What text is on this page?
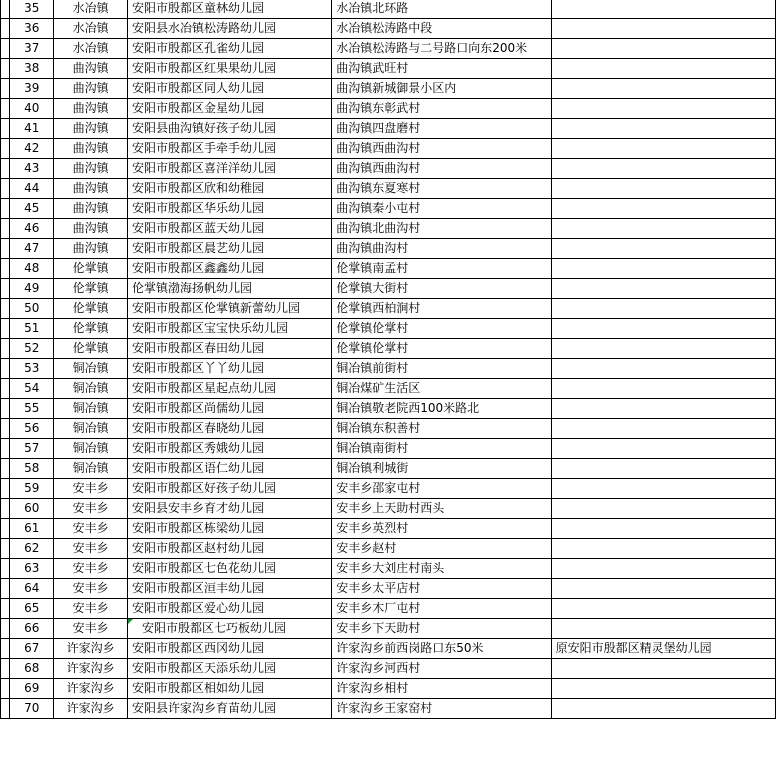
	35	水冶镇	安阳市殷都区童林幼儿园	水冶镇北环路	
	36	水冶镇	安阳县水冶镇松涛路幼儿园	水冶镇松涛路中段	
	37	水冶镇	安阳市殷都区孔雀幼儿园	水冶镇松涛路与二号路口向东200米	
	38	曲沟镇	安阳市殷都区红果果幼儿园	曲沟镇武旺村	
	39	曲沟镇	安阳市殷都区同人幼儿园	曲沟镇新城御景小区内	
	40	曲沟镇	安阳市殷都区金星幼儿园	曲沟镇东彰武村	
	41	曲沟镇	安阳县曲沟镇好孩子幼儿园	曲沟镇四盘磨村	
	42	曲沟镇	安阳市殷都区手牵手幼儿园	曲沟镇西曲沟村	
	43	曲沟镇	安阳市殷都区喜洋洋幼儿园	曲沟镇西曲沟村	
	44	曲沟镇	安阳市殷都区欣和幼稚园	曲沟镇东夏寒村	
	45	曲沟镇	安阳市殷都区华乐幼儿园	曲沟镇秦小屯村	
	46	曲沟镇	安阳市殷都区蓝天幼儿园	曲沟镇北曲沟村	
	47	曲沟镇	安阳市殷都区晨艺幼儿园	曲沟镇曲沟村	
	48	伦掌镇	安阳市殷都区鑫鑫幼儿园	伦掌镇南孟村	
	49	伦掌镇	伦掌镇渤海扬帆幼儿园	伦掌镇大街村	
	50	伦掌镇	安阳市殷都区伦掌镇新蕾幼儿园	伦掌镇西柏涧村	
	51	伦掌镇	安阳市殷都区宝宝快乐幼儿园	伦掌镇伦掌村	
	52	伦掌镇	安阳市殷都区春田幼儿园	伦掌镇伦掌村	
	53	铜冶镇	安阳市殷都区丫丫幼儿园	铜冶镇前街村	
	54	铜冶镇	安阳市殷都区星起点幼儿园	铜冶煤矿生活区	
	55	铜冶镇	安阳市殷都区尚儒幼儿园	铜冶镇敬老院西100米路北	
	56	铜冶镇	安阳市殷都区春晓幼儿园	铜冶镇东积善村	
	57	铜冶镇	安阳市殷都区秀娥幼儿园	铜冶镇南街村	
	58	铜冶镇	安阳市殷都区语仁幼儿园	铜冶镇利城街	
	59	安丰乡	安阳市殷都区好孩子幼儿园	安丰乡邵家屯村	
	60	安丰乡	安阳县安丰乡育才幼儿园	安丰乡上天助村西头	
	61	安丰乡	安阳市殷都区栋梁幼儿园	安丰乡英烈村	
	62	安丰乡	安阳市殷都区赵村幼儿园	安丰乡赵村	
	63	安丰乡	安阳市殷都区七色花幼儿园	安丰乡大刘庄村南头	
	64	安丰乡	安阳市殷都区洹丰幼儿园	安丰乡太平店村	
	65	安丰乡	安阳市殷都区爱心幼儿园	安丰乡木厂屯村	
	66	安丰乡	安阳市殷都区七巧板幼儿园	安丰乡下天助村	
	67	许家沟乡	安阳市殷都区西冈幼儿园	许家沟乡前西岗路口东50米	原安阳市殷都区精灵堡幼儿园
	68	许家沟乡	安阳市殷都区天添乐幼儿园	许家沟乡河西村	
	69	许家沟乡	安阳市殷都区相如幼儿园	许家沟乡相村	
	70	许家沟乡	安阳县许家沟乡育苗幼儿园	许家沟乡王家窑村	
